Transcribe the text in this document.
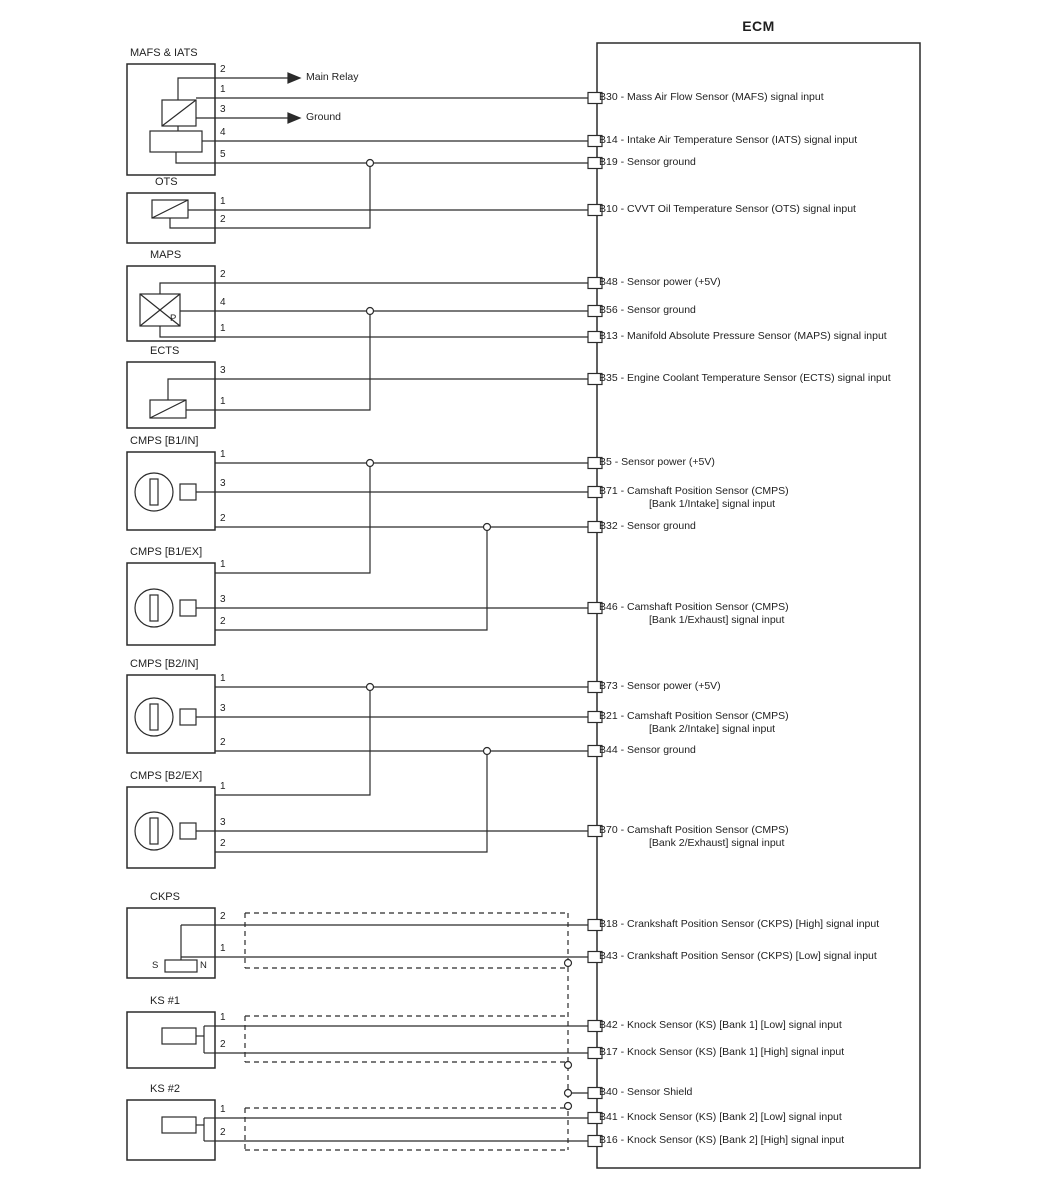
ECM
MAFS & IATS
OTS
MAPS
ECTS
CMPS [B1/IN]
CMPS [B1/EX]
CMPS [B2/IN]
CMPS [B2/EX]
CKPS
KS #1
KS #2
P
S	N
Main Relay
Ground
2
1
3
4
5
1
2
2
4
1
3
1
1
3
2
1
3
2
1
3
2
1
3
2
2
1
1
2
1
2
B30 - Mass Air Flow Sensor (MAFS) signal input
B14 - Intake Air Temperature Sensor (IATS) signal input
B19 - Sensor ground
B10 - CVVT Oil Temperature Sensor (OTS) signal input
B48 - Sensor power (+5V)
B56 - Sensor ground
B13 - Manifold Absolute Pressure Sensor (MAPS) signal input
B35 - Engine Coolant Temperature Sensor (ECTS) signal input
B5 - Sensor power (+5V)
B71 - Camshaft Position Sensor (CMPS)
[Bank 1/Intake] signal input
B32 - Sensor ground
B46 - Camshaft Position Sensor (CMPS)
[Bank 1/Exhaust] signal input
B73 - Sensor power (+5V)
B21 - Camshaft Position Sensor (CMPS)
[Bank 2/Intake] signal input
B44 - Sensor ground
B70 - Camshaft Position Sensor (CMPS)
[Bank 2/Exhaust] signal input
B18 - Crankshaft Position Sensor (CKPS) [High] signal input
B43 - Crankshaft Position Sensor (CKPS) [Low] signal input
B42 - Knock Sensor (KS) [Bank 1] [Low] signal input
B17 - Knock Sensor (KS) [Bank 1] [High] signal input
B40 - Sensor Shield
B41 - Knock Sensor (KS) [Bank 2] [Low] signal input
B16 - Knock Sensor (KS) [Bank 2] [High] signal input
